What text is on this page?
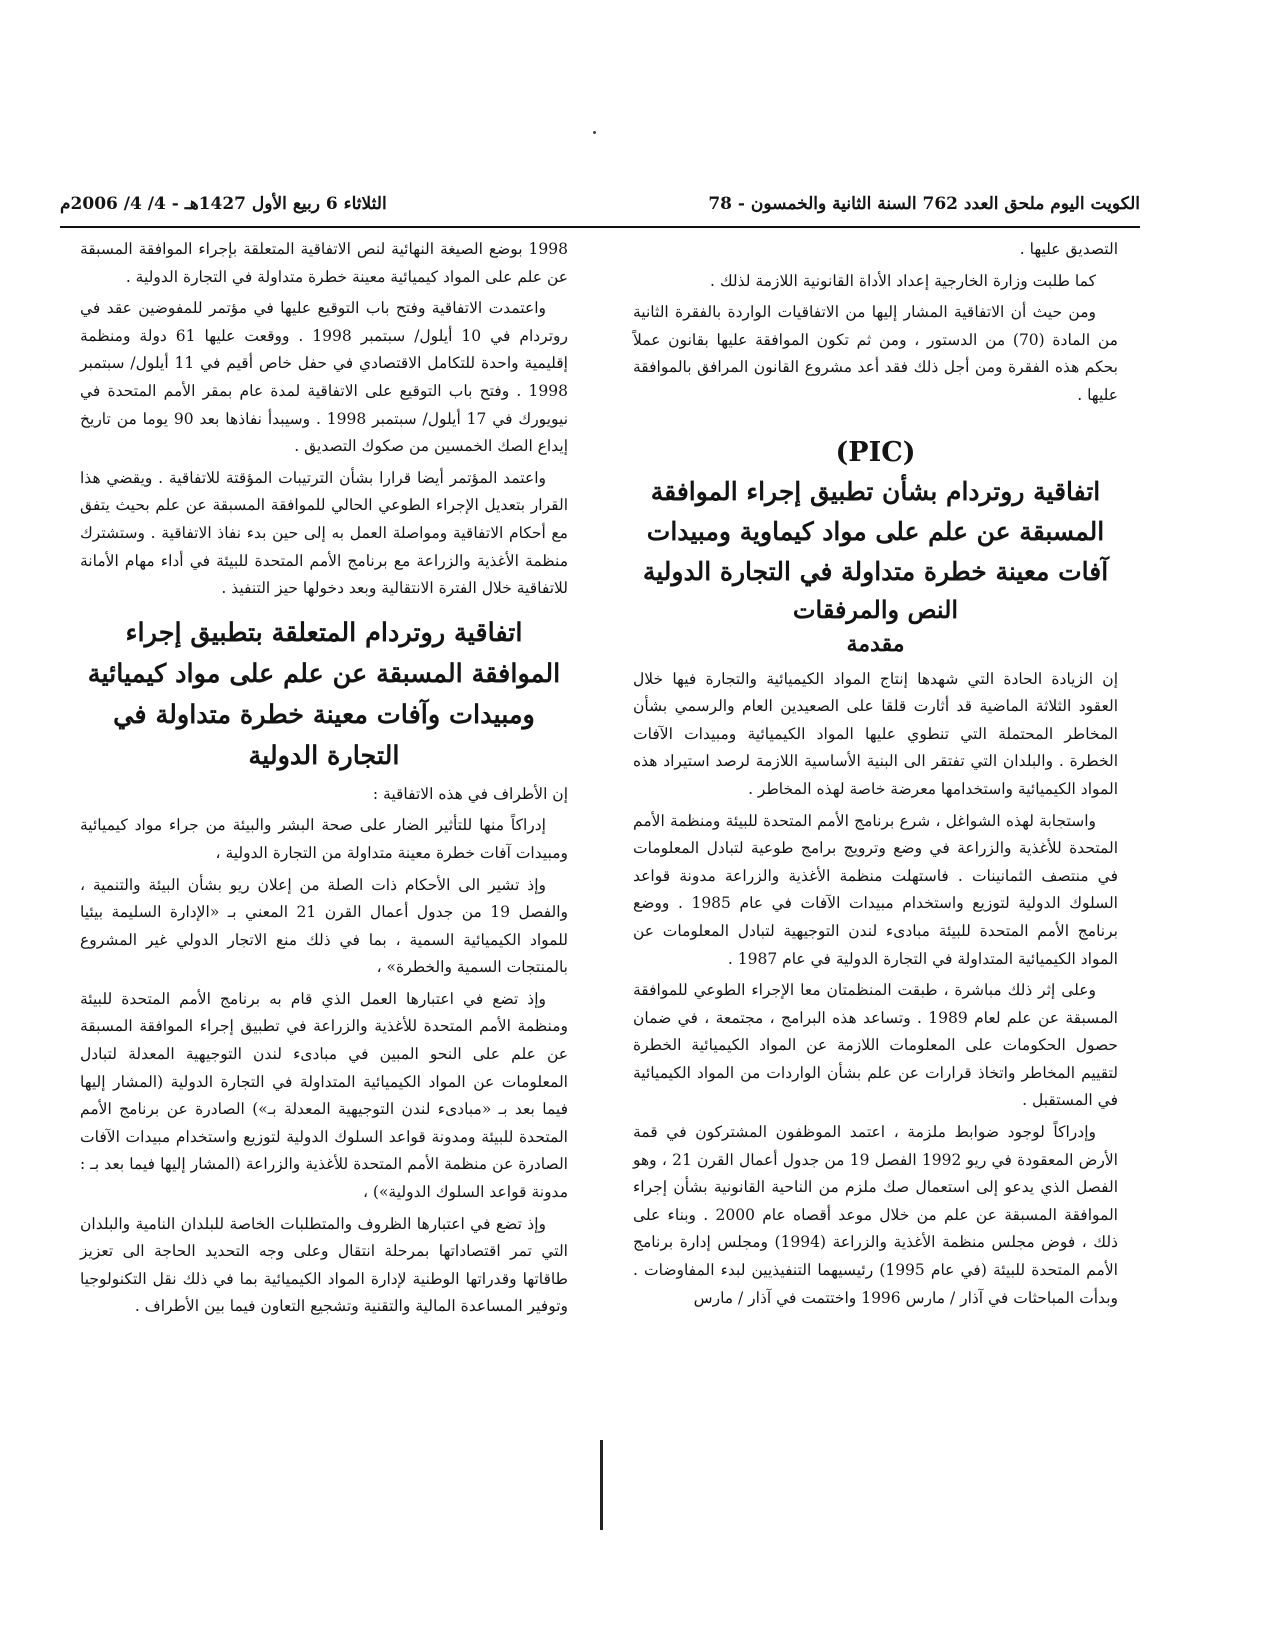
الكويت اليوم ملحق العدد 762 السنة الثانية والخمسون - 78
الثلاثاء 6 ربيع الأول 1427هـ - 4/ 4/ 2006م

التصديق عليها .

كما طلبت وزارة الخارجية إعداد الأداة القانونية اللازمة لذلك .

ومن حيث أن الاتفاقية المشار إليها من الاتفاقيات الواردة بالفقرة الثانية من المادة (70) من الدستور ، ومن ثم تكون الموافقة عليها بقانون عملاً بحكم هذه الفقرة ومن أجل ذلك فقد أعد مشروع القانون المرافق بالموافقة عليها .

(PIC)
اتفاقية روتردام بشأن تطبيق إجراء الموافقة المسبقة عن علم على مواد كيماوية ومبيدات آفات معينة خطرة متداولة في التجارة الدولية
النص والمرفقات
مقدمة

إن الزيادة الحادة التي شهدها إنتاج المواد الكيميائية والتجارة فيها خلال العقود الثلاثة الماضية قد أثارت قلقا على الصعيدين العام والرسمي بشأن المخاطر المحتملة التي تنطوي عليها المواد الكيميائية ومبيدات الآفات الخطرة . والبلدان التي تفتقر الى البنية الأساسية اللازمة لرصد استيراد هذه المواد الكيميائية واستخدامها معرضة خاصة لهذه المخاطر .

واستجابة لهذه الشواغل ، شرع برنامج الأمم المتحدة للبيئة ومنظمة الأمم المتحدة للأغذية والزراعة في وضع وترويج برامج طوعية لتبادل المعلومات في منتصف الثمانينات . فاستهلت منظمة الأغذية والزراعة مدونة قواعد السلوك الدولية لتوزيع واستخدام مبيدات الآفات في عام 1985 . ووضع برنامج الأمم المتحدة للبيئة مبادىء لندن التوجيهية لتبادل المعلومات عن المواد الكيميائية المتداولة في التجارة الدولية في عام 1987 .

وعلى إثر ذلك مباشرة ، طبقت المنظمتان معا الإجراء الطوعي للموافقة المسبقة عن علم لعام 1989 . وتساعد هذه البرامج ، مجتمعة ، في ضمان حصول الحكومات على المعلومات اللازمة عن المواد الكيميائية الخطرة لتقييم المخاطر واتخاذ قرارات عن علم بشأن الواردات من المواد الكيميائية في المستقبل .

وإدراكاً لوجود ضوابط ملزمة ، اعتمد الموظفون المشتركون في قمة الأرض المعقودة في ريو 1992 الفصل 19 من جدول أعمال القرن 21 ، وهو الفصل الذي يدعو إلى استعمال صك ملزم من الناحية القانونية بشأن إجراء الموافقة المسبقة عن علم من خلال موعد أقصاه عام 2000 . وبناء على ذلك ، فوض مجلس منظمة الأغذية والزراعة (1994) ومجلس إدارة برنامج الأمم المتحدة للبيئة (في عام 1995) رئيسيهما التنفيذيين لبدء المفاوضات . وبدأت المباحثات في آذار / مارس 1996 واختتمت في آذار / مارس

1998 بوضع الصيغة النهائية لنص الاتفاقية المتعلقة بإجراء الموافقة المسبقة عن علم على المواد كيميائية معينة خطرة متداولة في التجارة الدولية .

واعتمدت الاتفاقية وفتح باب التوقيع عليها في مؤتمر للمفوضين عقد في روتردام في 10 أيلول/ سبتمبر 1998 . ووقعت عليها 61 دولة ومنظمة إقليمية واحدة للتكامل الاقتصادي في حفل خاص أقيم في 11 أيلول/ سبتمبر 1998 . وفتح باب التوقيع على الاتفاقية لمدة عام بمقر الأمم المتحدة في نيويورك في 17 أيلول/ سبتمبر 1998 . وسيبدأ نفاذها بعد 90 يوما من تاريخ إيداع الصك الخمسين من صكوك التصديق .

واعتمد المؤتمر أيضا قرارا بشأن الترتيبات المؤقتة للاتفاقية . ويقضي هذا القرار بتعديل الإجراء الطوعي الحالي للموافقة المسبقة عن علم بحيث يتفق مع أحكام الاتفاقية ومواصلة العمل به إلى حين بدء نفاذ الاتفاقية . وستشترك منظمة الأغذية والزراعة مع برنامج الأمم المتحدة للبيئة في أداء مهام الأمانة للاتفاقية خلال الفترة الانتقالية وبعد دخولها حيز التنفيذ .

اتفاقية روتردام المتعلقة بتطبيق إجراء الموافقة المسبقة عن علم على مواد كيميائية ومبيدات وآفات معينة خطرة متداولة في التجارة الدولية

إن الأطراف في هذه الاتفاقية :

إدراكاً منها للتأثير الضار على صحة البشر والبيئة من جراء مواد كيميائية ومبيدات آفات خطرة معينة متداولة من التجارة الدولية ،

وإذ تشير الى الأحكام ذات الصلة من إعلان ريو بشأن البيئة والتنمية ، والفصل 19 من جدول أعمال القرن 21 المعني بـ «الإدارة السليمة بيئيا للمواد الكيميائية السمية ، بما في ذلك منع الاتجار الدولي غير المشروع بالمنتجات السمية والخطرة» ،

وإذ تضع في اعتبارها العمل الذي قام به برنامج الأمم المتحدة للبيئة ومنظمة الأمم المتحدة للأغذية والزراعة في تطبيق إجراء الموافقة المسبقة عن علم على النحو المبين في مبادىء لندن التوجيهية المعدلة لتبادل المعلومات عن المواد الكيميائية المتداولة في التجارة الدولية (المشار إليها فيما بعد بـ «مبادىء لندن التوجيهية المعدلة بـ») الصادرة عن برنامج الأمم المتحدة للبيئة ومدونة قواعد السلوك الدولية لتوزيع واستخدام مبيدات الآفات الصادرة عن منظمة الأمم المتحدة للأغذية والزراعة (المشار إليها فيما بعد بـ : مدونة قواعد السلوك الدولية») ،

وإذ تضع في اعتبارها الظروف والمتطلبات الخاصة للبلدان النامية والبلدان التي تمر اقتصاداتها بمرحلة انتقال وعلى وجه التحديد الحاجة الى تعزيز طاقاتها وقدراتها الوطنية لإدارة المواد الكيميائية بما في ذلك نقل التكنولوجيا وتوفير المساعدة المالية والتقنية وتشجيع التعاون فيما بين الأطراف .
